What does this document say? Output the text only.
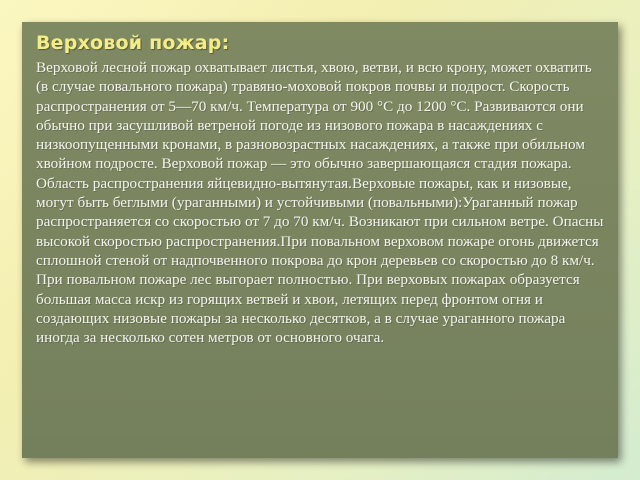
Верховой пожар:

Верховой лесной пожар охватывает листья, хвою, ветви, и всю крону, может охватить (в случае повального пожара) травяно-моховой покров почвы и подрост. Скорость распространения от 5—70 км/ч. Температура от 900 °С до 1200 °С. Развиваются они обычно при засушливой ветреной погоде из низового пожара в насаждениях с низкоопущенными кронами, в разновозрастных насаждениях, а также при обильном хвойном подросте. Верховой пожар — это обычно завершающаяся стадия пожара. Область распространения яйцевидно-вытянутая.Верховые пожары, как и низовые, могут быть беглыми (ураганными) и устойчивыми (повальными):Ураганный пожар распространяется со скоростью от 7 до 70 км/ч. Возникают при сильном ветре. Опасны высокой скоростью распространения.При повальном верховом пожаре огонь движется сплошной стеной от надпочвенного покрова до крон деревьев со скоростью до 8 км/ч. При повальном пожаре лес выгорает полностью. При верховых пожарах образуется большая масса искр из горящих ветвей и хвои, летящих перед фронтом огня и создающих низовые пожары за несколько десятков, а в случае ураганного пожара иногда за несколько сотен метров от основного очага.
